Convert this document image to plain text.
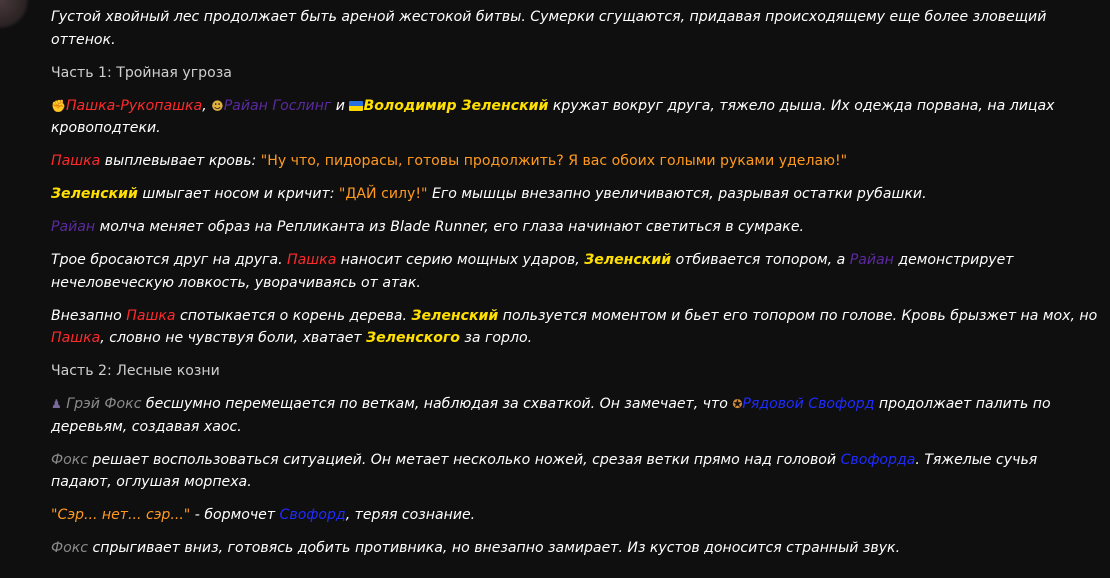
Густой хвойный лес продолжает быть ареной жестокой битвы. Сумерки сгущаются, придавая происходящему еще более зловещий оттенок.

Часть 1: Тройная угроза

✊Пашка-Рукопашка, ☻Райан Гослинг и Володимир Зеленский кружат вокруг друга, тяжело дыша. Их одежда порвана, на лицах кровоподтеки.

Пашка выплевывает кровь: "Ну что, пидорасы, готовы продолжить? Я вас обоих голыми руками уделаю!"

Зеленский шмыгает носом и кричит: "ДАЙ силу!" Его мышцы внезапно увеличиваются, разрывая остатки рубашки.

Райан молча меняет образ на Репликанта из Blade Runner, его глаза начинают светиться в сумраке.

Трое бросаются друг на друга. Пашка наносит серию мощных ударов, Зеленский отбивается топором, а Райан демонстрирует нечеловеческую ловкость, уворачиваясь от атак.

Внезапно Пашка спотыкается о корень дерева. Зеленский пользуется моментом и бьет его топором по голове. Кровь брызжет на мох, но Пашка, словно не чувствуя боли, хватает Зеленского за горло.

Часть 2: Лесные козни

♟ Грэй Фокс бесшумно перемещается по веткам, наблюдая за схваткой. Он замечает, что ✪Рядовой Свофорд продолжает палить по деревьям, создавая хаос.

Фокс решает воспользоваться ситуацией. Он метает несколько ножей, срезая ветки прямо над головой Свофорда. Тяжелые сучья падают, оглушая морпеха.

"Сэр... нет... сэр..." - бормочет Свофорд, теряя сознание.

Фокс спрыгивает вниз, готовясь добить противника, но внезапно замирает. Из кустов доносится странный звук.
